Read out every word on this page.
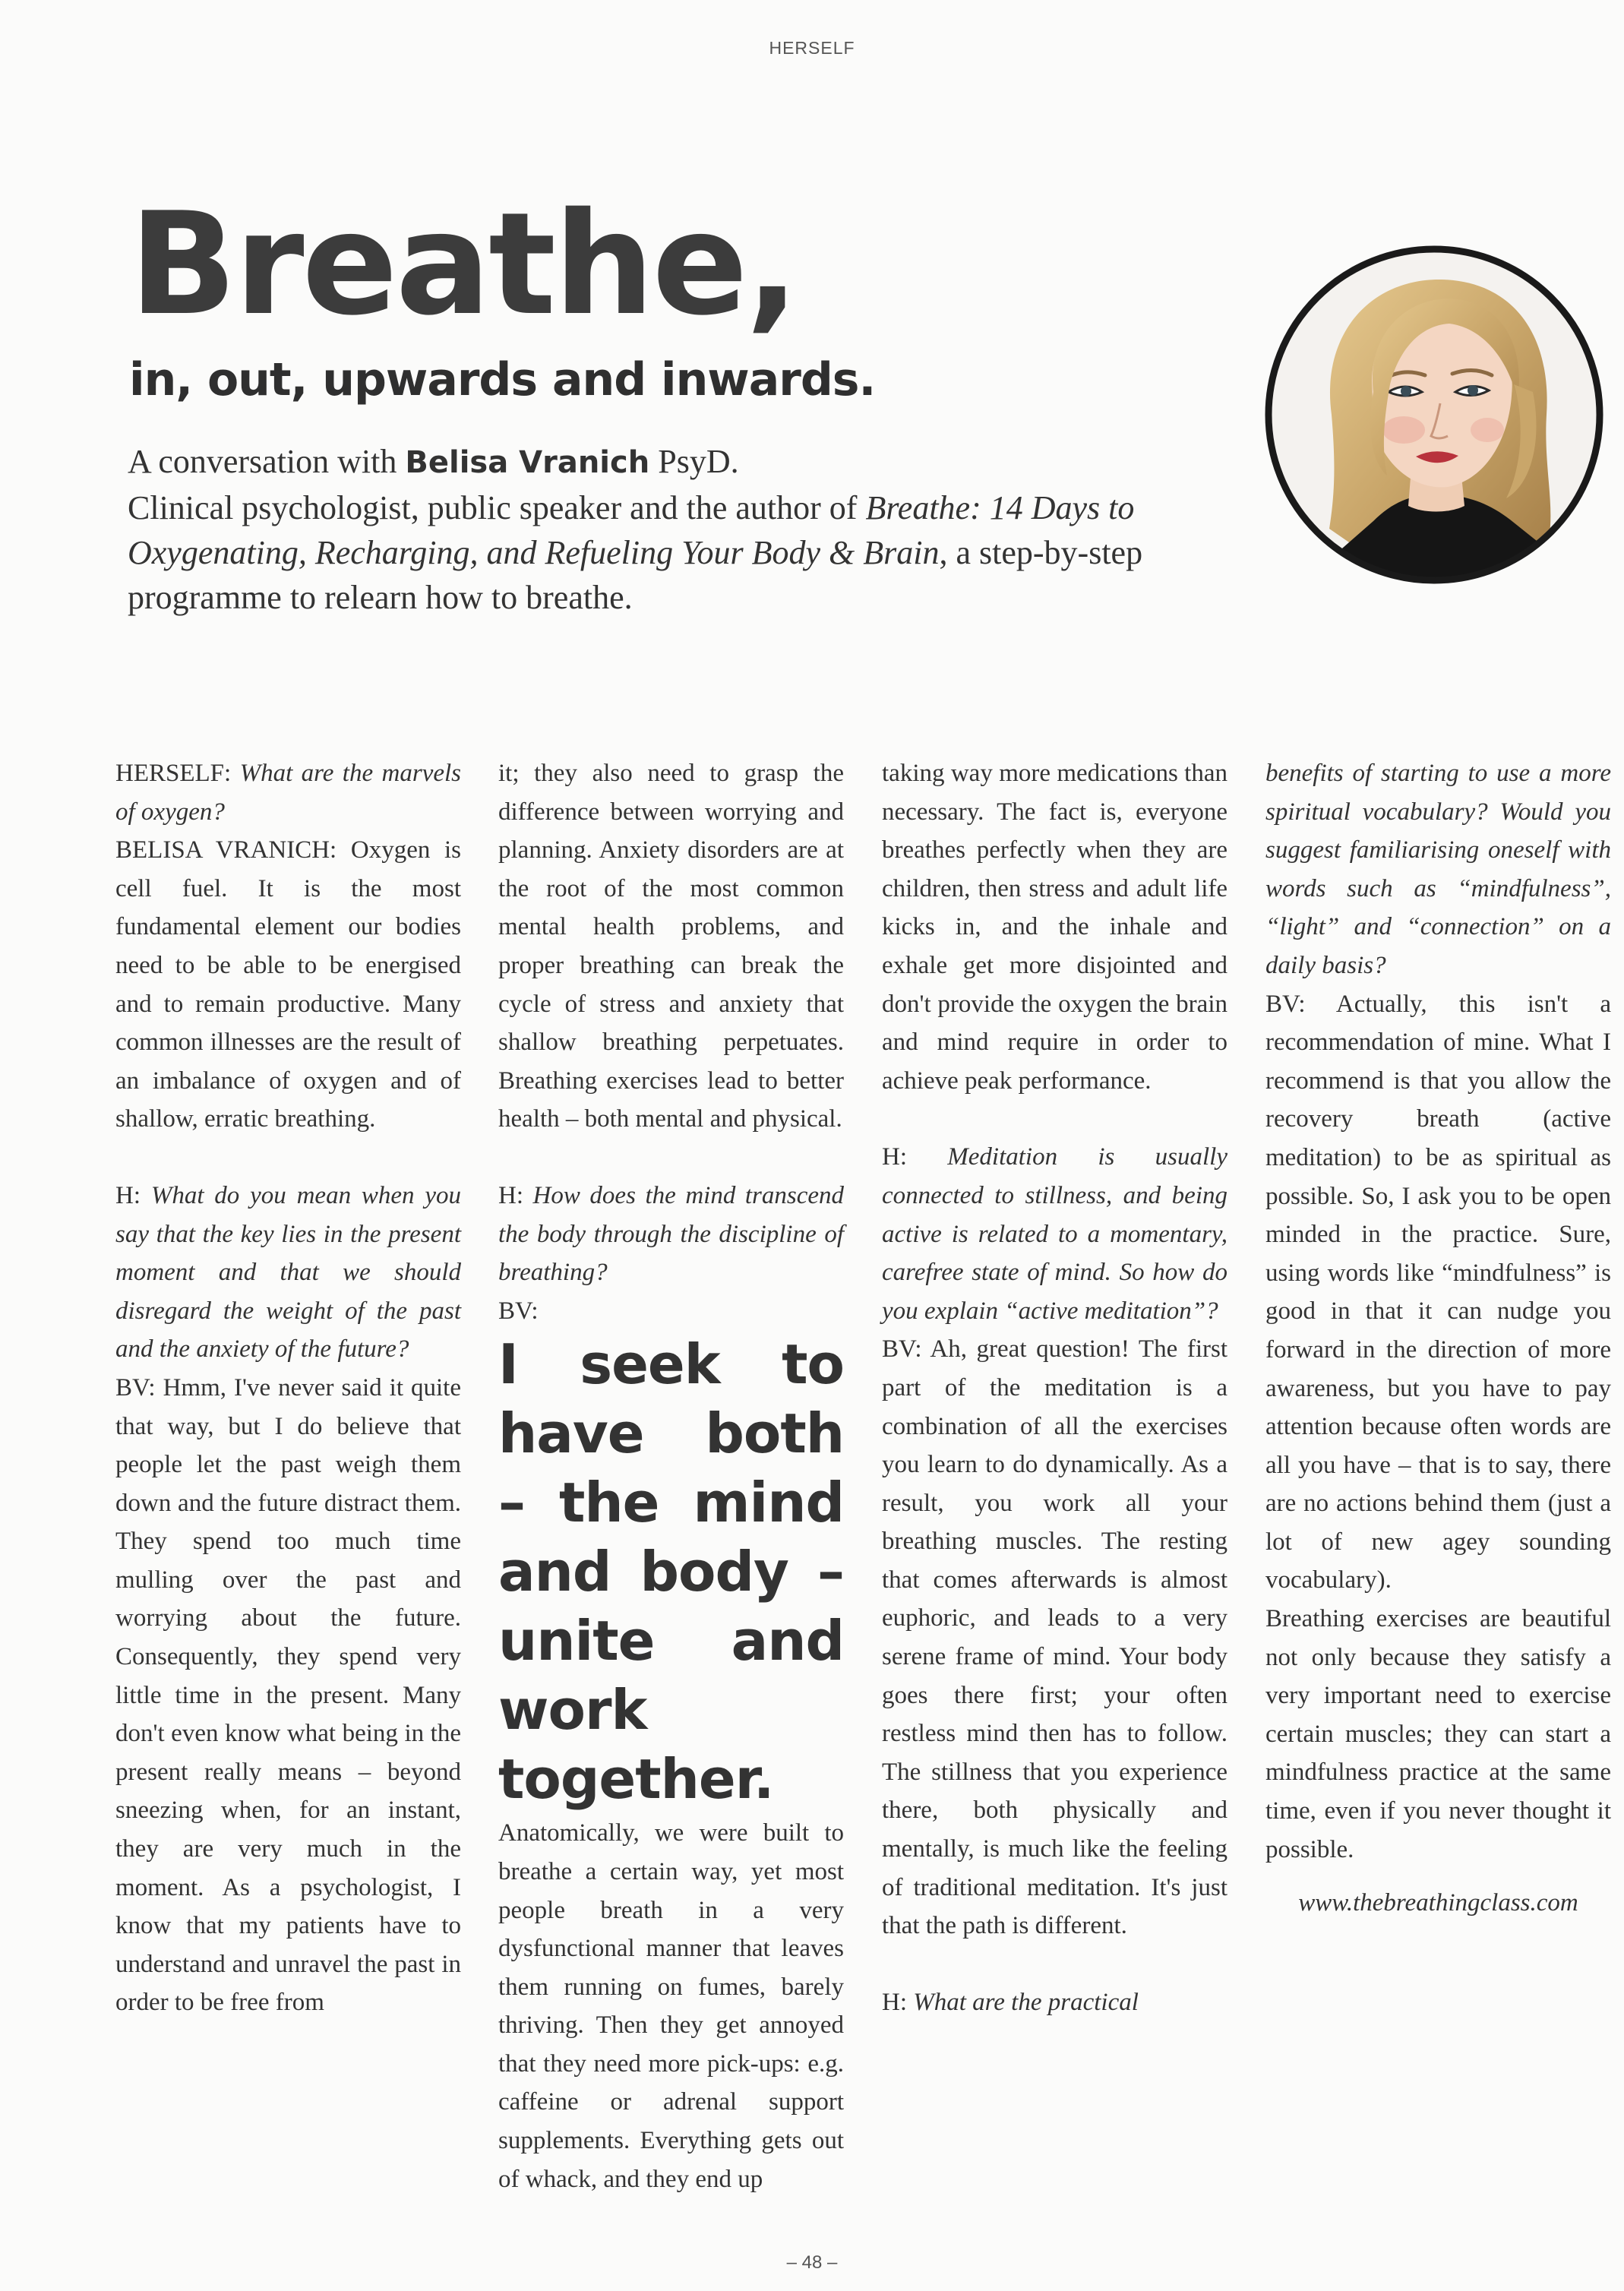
HERSELF
Breathe,
in, out, upwards and inwards.

A conversation with Belisa Vranich PsyD.
Clinical psychologist, public speaker and the author of Breathe: 14 Days to Oxygenating, Recharging, and Refueling Your Body & Brain, a step-by-step programme to relearn how to breathe.

HERSELF: What are the marvels of oxygen?

BELISA VRANICH: Oxygen is cell fuel. It is the most fundamental element our bodies need to be able to be energised and to remain productive. Many common illnesses are the result of an imbalance of oxygen and of shallow, erratic breathing.

H: What do you mean when you say that the key lies in the present moment and that we should disregard the weight of the past and the anxiety of the future?

BV: Hmm, I've never said it quite that way, but I do believe that people let the past weigh them down and the future distract them. They spend too much time mulling over the past and worrying about the future. Consequently, they spend very little time in the present. Many don't even know what being in the present really means – beyond sneezing when, for an instant, they are very much in the moment. As a psychologist, I know that my patients have to understand and unravel the past in order to be free from

it; they also need to grasp the difference between worrying and planning. Anxiety disorders are at the root of the most common mental health problems, and proper breathing can break the cycle of stress and anxiety that shallow breathing perpetuates. Breathing exercises lead to better health – both mental and physical.

H: How does the mind transcend the body through the discipline of breathing?

BV:

I seek to have both – the mind and body – unite and work together.

Anatomically, we were built to breathe a certain way, yet most people breath in a very dysfunctional manner that leaves them running on fumes, barely thriving. Then they get annoyed that they need more pick-ups: e.g. caffeine or adrenal support supplements. Everything gets out of whack, and they end up

taking way more medications than necessary. The fact is, everyone breathes perfectly when they are children, then stress and adult life kicks in, and the inhale and exhale get more disjointed and don't provide the oxygen the brain and mind require in order to achieve peak performance.

H: Meditation is usually connected to stillness, and being active is related to a momentary, carefree state of mind. So how do you explain “active meditation”?

BV: Ah, great question! The first part of the meditation is a combination of all the exercises you learn to do dynamically. As a result, you work all your breathing muscles. The resting that comes afterwards is almost euphoric, and leads to a very serene frame of mind. Your body goes there first; your often restless mind then has to follow. The stillness that you experience there, both physically and mentally, is much like the feeling of traditional meditation. It's just that the path is different.

H: What are the practical

benefits of starting to use a more spiritual vocabulary? Would you suggest familiarising oneself with words such as “mindfulness”, “light” and “connection” on a daily basis?

BV: Actually, this isn't a recommendation of mine. What I recommend is that you allow the recovery breath (active meditation) to be as spiritual as possible. So, I ask you to be open minded in the practice. Sure, using words like “mindfulness” is good in that it can nudge you forward in the direction of more awareness, but you have to pay attention because often words are all you have – that is to say, there are no actions behind them (just a lot of new agey sounding vocabulary).

Breathing exercises are beautiful not only because they satisfy a very important need to exercise certain muscles; they can start a mindfulness practice at the same time, even if you never thought it possible.

www.thebreathingclass.com

– 48 –
